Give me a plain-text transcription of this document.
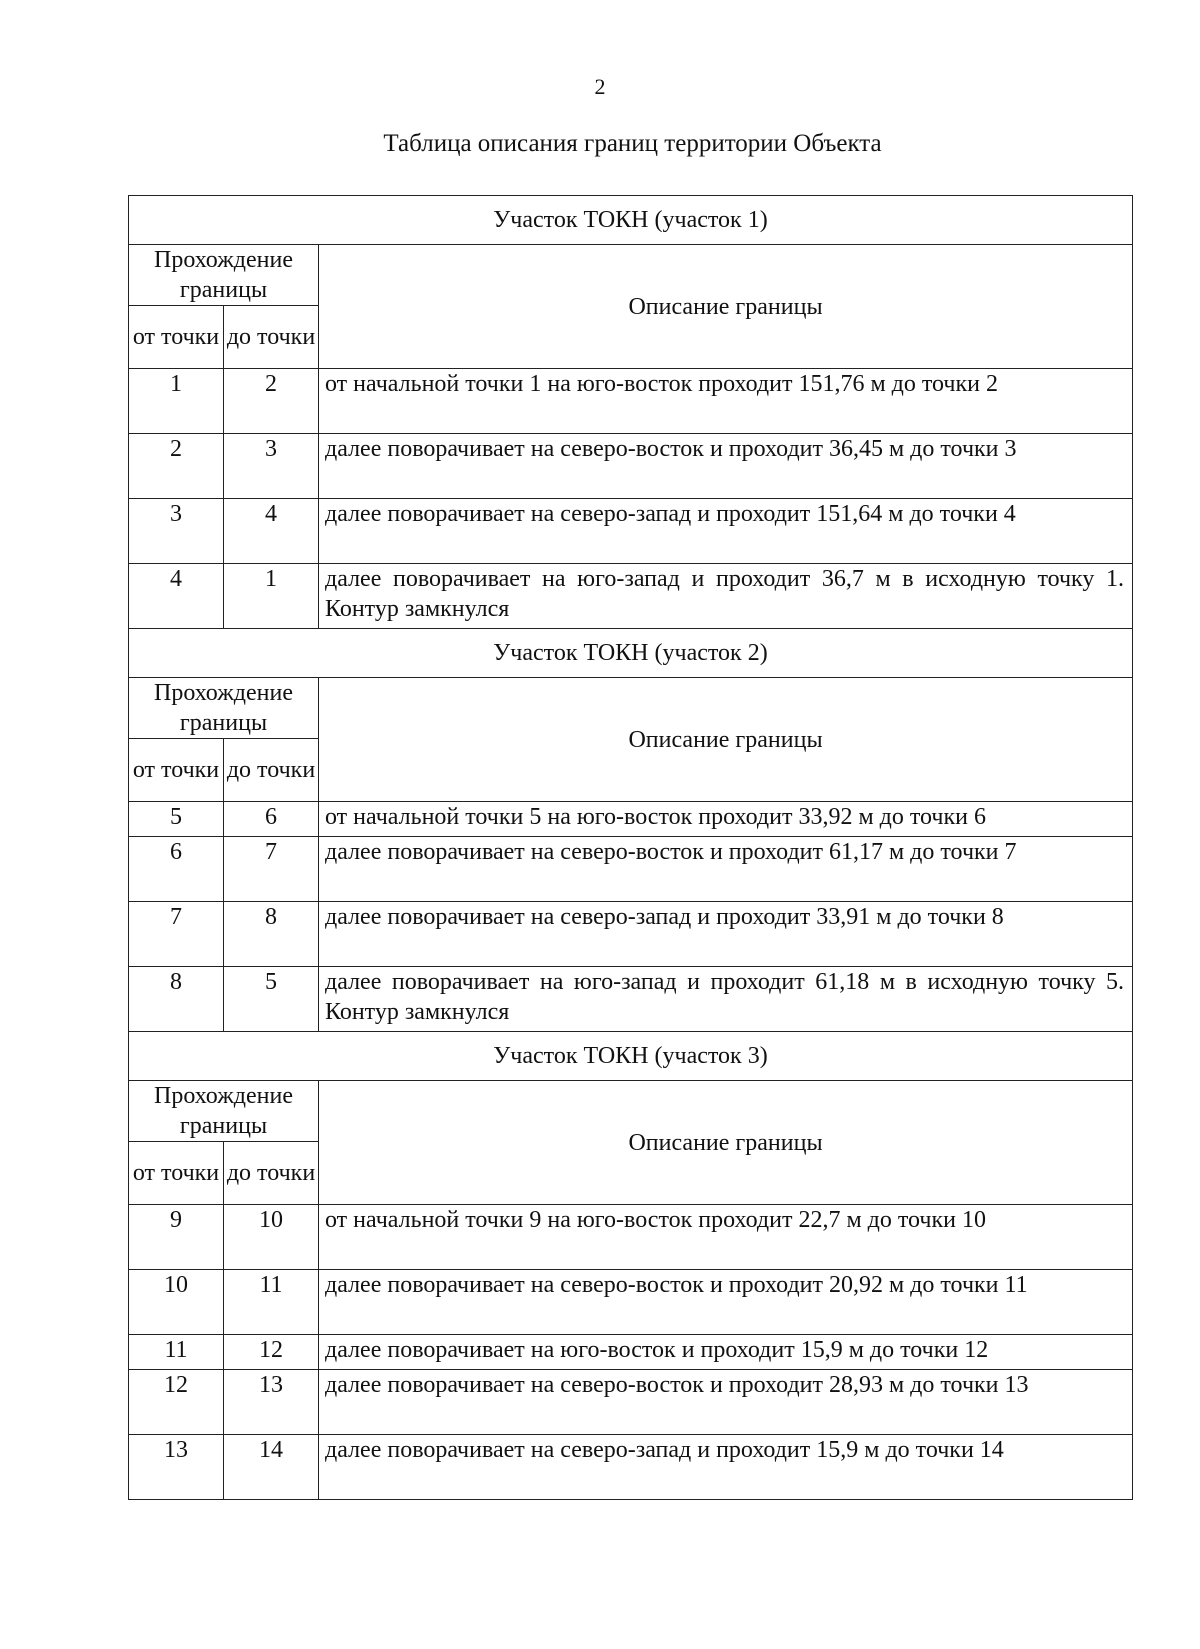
2
Таблица описания границ территории Объекта
Участок ТОКН (участок 1)		
Прохождение границы		Описание границы
от точки	до точки	
1	2	от начальной точки 1 на юго-восток проходит 151,76 м до точки 2
2	3	далее поворачивает на северо-восток и проходит 36,45 м до точки 3
3	4	далее поворачивает на северо-запад и проходит 151,64 м до точки 4
4	1	далее поворачивает на юго-запад и проходит 36,7 м в исходную точку 1. Контур замкнулся
Участок ТОКН (участок 2)		
Прохождение границы		Описание границы
от точки	до точки	
5	6	от начальной точки 5 на юго-восток проходит 33,92 м до точки 6
6	7	далее поворачивает на северо-восток и проходит 61,17 м до точки 7
7	8	далее поворачивает на северо-запад и проходит 33,91 м до точки 8
8	5	далее поворачивает на юго-запад и проходит 61,18 м в исходную точку 5. Контур замкнулся
Участок ТОКН (участок 3)		
Прохождение границы		Описание границы
от точки	до точки	
9	10	от начальной точки 9 на юго-восток проходит 22,7 м до точки 10
10	11	далее поворачивает на северо-восток и проходит 20,92 м до точки 11
11	12	далее поворачивает на юго-восток и проходит 15,9 м до точки 12
12	13	далее поворачивает на северо-восток и проходит 28,93 м до точки 13
13	14	далее поворачивает на северо-запад и проходит 15,9 м до точки 14
